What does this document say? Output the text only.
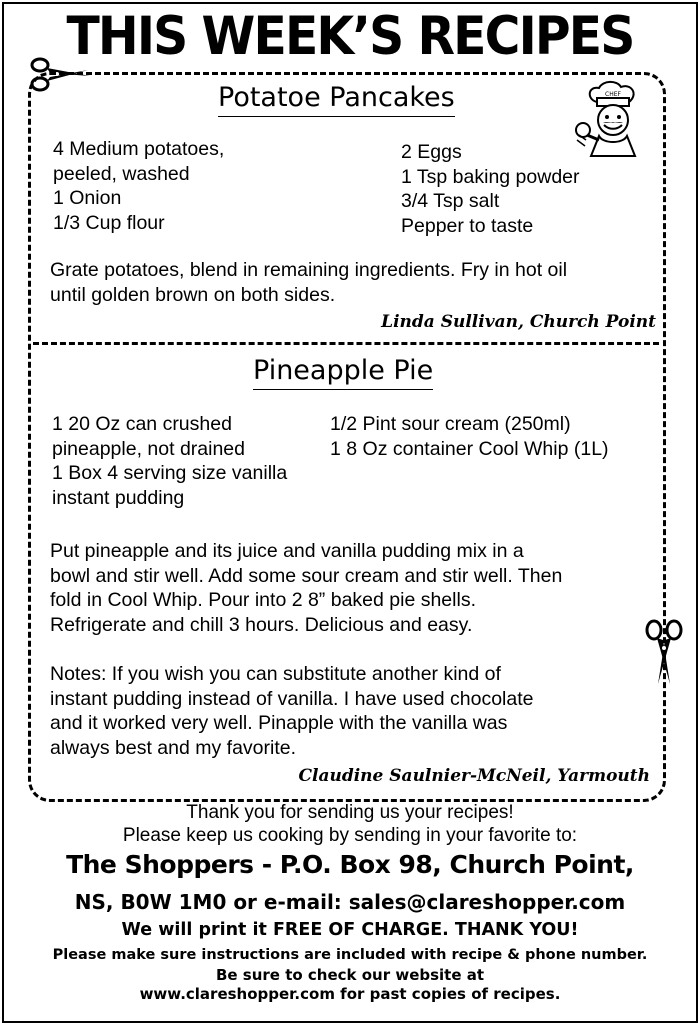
THIS WEEK’S RECIPES
CHEF
Potatoe Pancakes
4 Medium potatoes,
peeled, washed
1 Onion
1/3 Cup flour
2 Eggs
1 Tsp baking powder
3/4 Tsp salt
Pepper to taste
Grate potatoes, blend in remaining ingredients. Fry in hot oil
until golden brown on both sides.
Linda Sullivan, Church Point
Pineapple Pie
1 20 Oz can crushed
pineapple, not drained
1 Box 4 serving size vanilla
instant pudding
1/2 Pint sour cream (250ml)
1 8 Oz container Cool Whip (1L)
Put pineapple and its juice and vanilla pudding mix in a
bowl and stir well. Add some sour cream and stir well. Then
fold in Cool Whip. Pour into 2 8” baked pie shells.
Refrigerate and chill 3 hours. Delicious and easy.
Notes: If you wish you can substitute another kind of
instant pudding instead of vanilla. I have used chocolate
and it worked very well. Pinapple with the vanilla was
always best and my favorite.
Claudine Saulnier-McNeil, Yarmouth
Thank you for sending us your recipes!
Please keep us cooking by sending in your favorite to:
The Shoppers - P.O. Box 98, Church Point,
NS, B0W 1M0 or e-mail: sales@clareshopper.com
We will print it FREE OF CHARGE. THANK YOU!
Please make sure instructions are included with recipe & phone number.
Be sure to check our website at
www.clareshopper.com for past copies of recipes.
